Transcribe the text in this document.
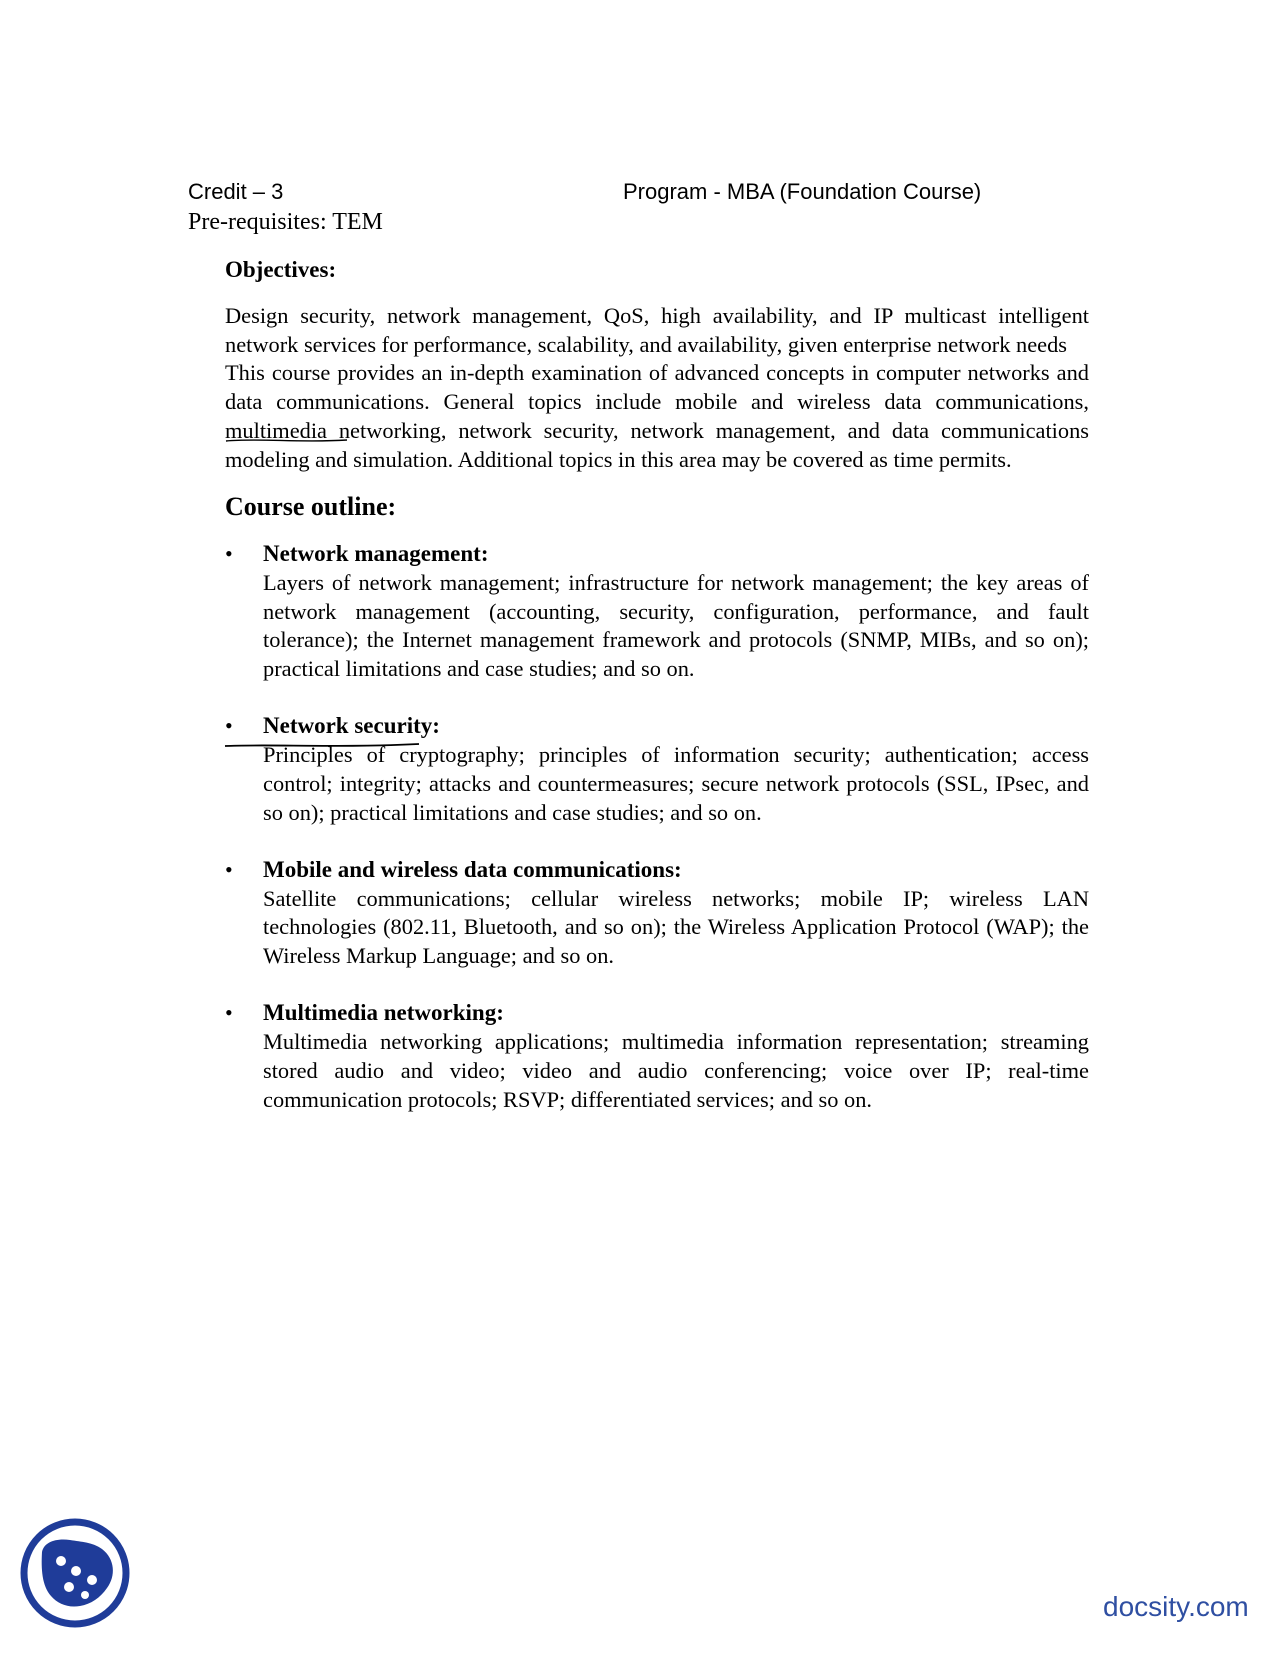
Credit – 3	Program - MBA (Foundation Course)
Pre-requisites: TEM
Objectives:

Design security, network management, QoS, high availability, and IP multicast intelligent network services for performance, scalability, and availability, given enterprise network needs

This course provides an in-depth examination of advanced concepts in computer networks and data communications. General topics include mobile and wireless data communications, multimedia networking, network security, network management, and data communications modeling and simulation. Additional topics in this area may be covered as time permits.

Course outline:
• Network management:
Layers of network management; infrastructure for network management; the key areas of network management (accounting, security, configuration, performance, and fault tolerance); the Internet management framework and protocols (SNMP, MIBs, and so on); practical limitations and case studies; and so on.
• Network security:
Principles of cryptography; principles of information security; authentication; access control; integrity; attacks and countermeasures; secure network protocols (SSL, IPsec, and so on); practical limitations and case studies; and so on.
• Mobile and wireless data communications:
Satellite communications; cellular wireless networks; mobile IP; wireless LAN technologies (802.11, Bluetooth, and so on); the Wireless Application Protocol (WAP); the Wireless Markup Language; and so on.
• Multimedia networking:
Multimedia networking applications; multimedia information representation; streaming stored audio and video; video and audio conferencing; voice over IP; real-time communication protocols; RSVP; differentiated services; and so on.
docsity.com
